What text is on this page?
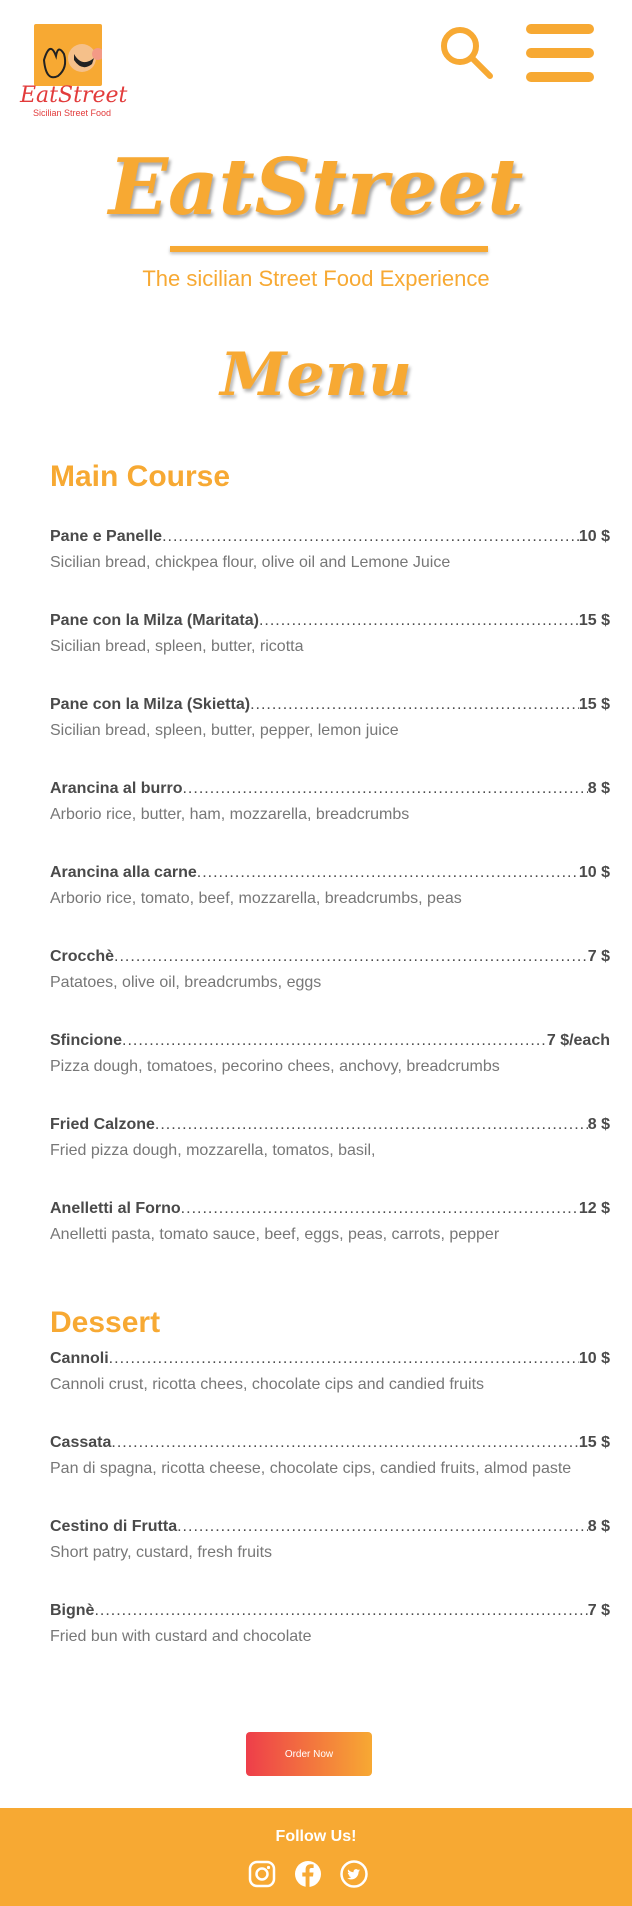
EatStreet
Sicilian Street Food
EatStreet
The sicilian Street Food Experience
Menu
Main Course
Pane e Panelle .....	10 $
Sicilian bread, chickpea flour, olive oil and Lemone Juice
Pane con la Milza (Maritata) .....	15 $
Sicilian bread, spleen, butter, ricotta
Pane con la Milza (Skietta) .....	15 $
Sicilian bread, spleen, butter, pepper, lemon juice
Arancina al burro .....	8 $
Arborio rice, butter, ham, mozzarella, breadcrumbs
Arancina alla carne .....	10 $
Arborio rice, tomato, beef, mozzarella, breadcrumbs, peas
Crocchè .....	7 $
Patatoes, olive oil, breadcrumbs, eggs
Sfincione .....	7 $/each
Pizza dough, tomatoes, pecorino chees, anchovy, breadcrumbs
Fried Calzone .....	8 $
Fried pizza dough, mozzarella, tomatos, basil,
Anelletti al Forno .....	12 $
Anelletti pasta, tomato sauce, beef, eggs, peas, carrots, pepper
Dessert
Cannoli .....	10 $
Cannoli crust, ricotta chees, chocolate cips and candied fruits
Cassata .....	15 $
Pan di spagna, ricotta cheese, chocolate cips, candied fruits, almod paste
Cestino di Frutta .....	8 $
Short patry, custard, fresh fruits
Bignè .....	7 $
Fried bun with custard and chocolate
Order Now
Follow Us!
